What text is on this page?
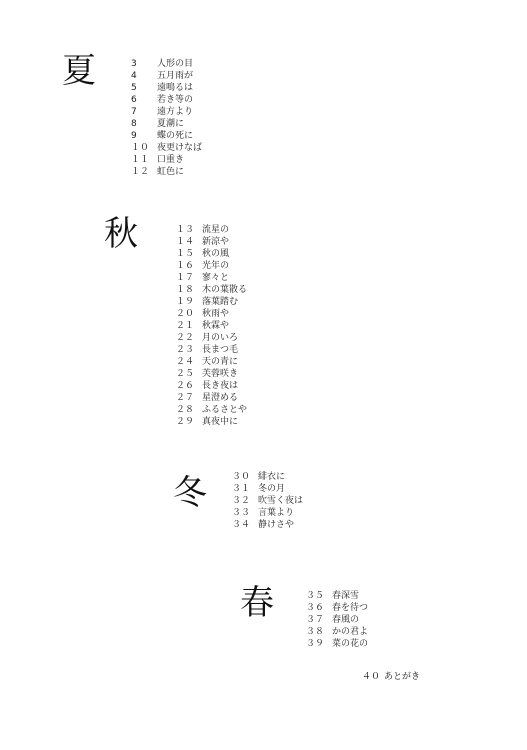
夏	3 人形の目
4 五月雨が
5 遠鳴るは
6 若き等の
7 遠方より
8 夏潮に
9 蝶の死に
１０ 夜更けなば
１１ 口重き
１２ 虹色に
秋	１３ 流星の
１４ 新涼や
１５ 秋の風
１６ 光年の
１７ 寥々と
１８ 木の葉散る
１９ 落葉踏む
２０ 秋雨や
２１ 秋霖や
２２ 月のいろ
２３ 長まつ毛
２４ 天の青に
２５ 芙蓉咲き
２６ 長き夜は
２７ 星澄める
２８ ふるさとや
２９ 真夜中に
冬	３０ 緋衣に
３１ 冬の月
３２ 吹雪く夜は
３３ 言葉より
３４ 静けさや
春	３５ 春深雪
３６ 春を待つ
３７ 春風の
３８ かの君よ
３９ 菜の花の
４０ あとがき
